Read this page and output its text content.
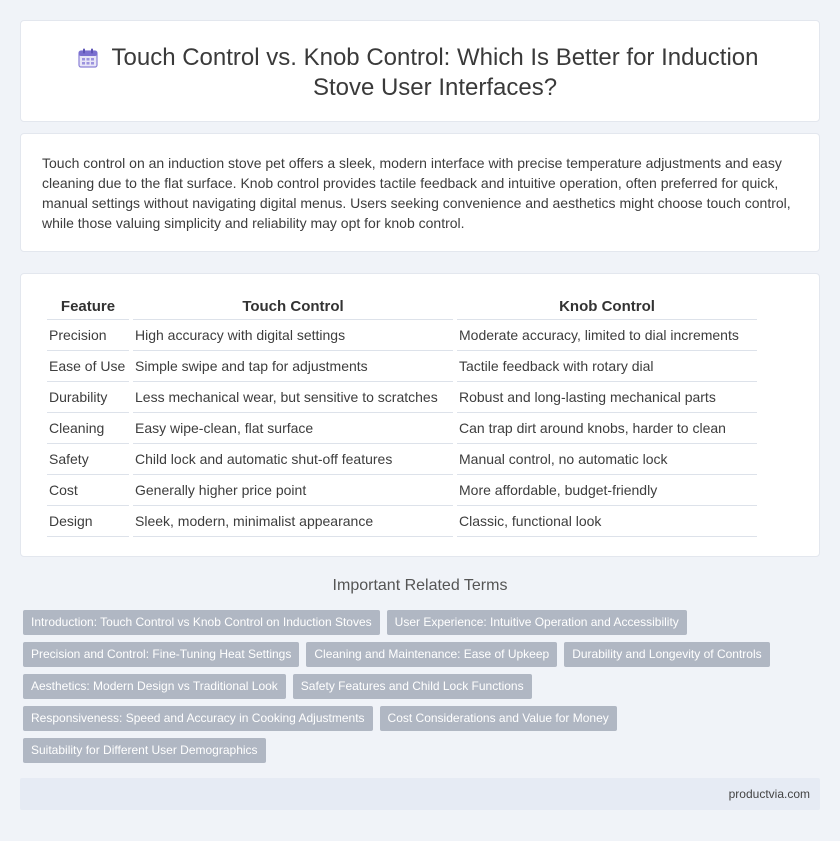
Touch Control vs. Knob Control: Which Is Better for Induction Stove User Interfaces?

Touch control on an induction stove pet offers a sleek, modern interface with precise temperature adjustments and easy cleaning due to the flat surface. Knob control provides tactile feedback and intuitive operation, often preferred for quick, manual settings without navigating digital menus. Users seeking convenience and aesthetics might choose touch control, while those valuing simplicity and reliability may opt for knob control.

Feature	Touch Control	Knob Control
Precision	High accuracy with digital settings	Moderate accuracy, limited to dial increments
Ease of Use	Simple swipe and tap for adjustments	Tactile feedback with rotary dial
Durability	Less mechanical wear, but sensitive to scratches	Robust and long-lasting mechanical parts
Cleaning	Easy wipe-clean, flat surface	Can trap dirt around knobs, harder to clean
Safety	Child lock and automatic shut-off features	Manual control, no automatic lock
Cost	Generally higher price point	More affordable, budget-friendly
Design	Sleek, modern, minimalist appearance	Classic, functional look
Important Related Terms
Introduction: Touch Control vs Knob Control on Induction Stoves	User Experience: Intuitive Operation and Accessibility
Precision and Control: Fine-Tuning Heat Settings	Cleaning and Maintenance: Ease of Upkeep	Durability and Longevity of Controls
Aesthetics: Modern Design vs Traditional Look	Safety Features and Child Lock Functions
Responsiveness: Speed and Accuracy in Cooking Adjustments	Cost Considerations and Value for Money
Suitability for Different User Demographics
productvia.com
